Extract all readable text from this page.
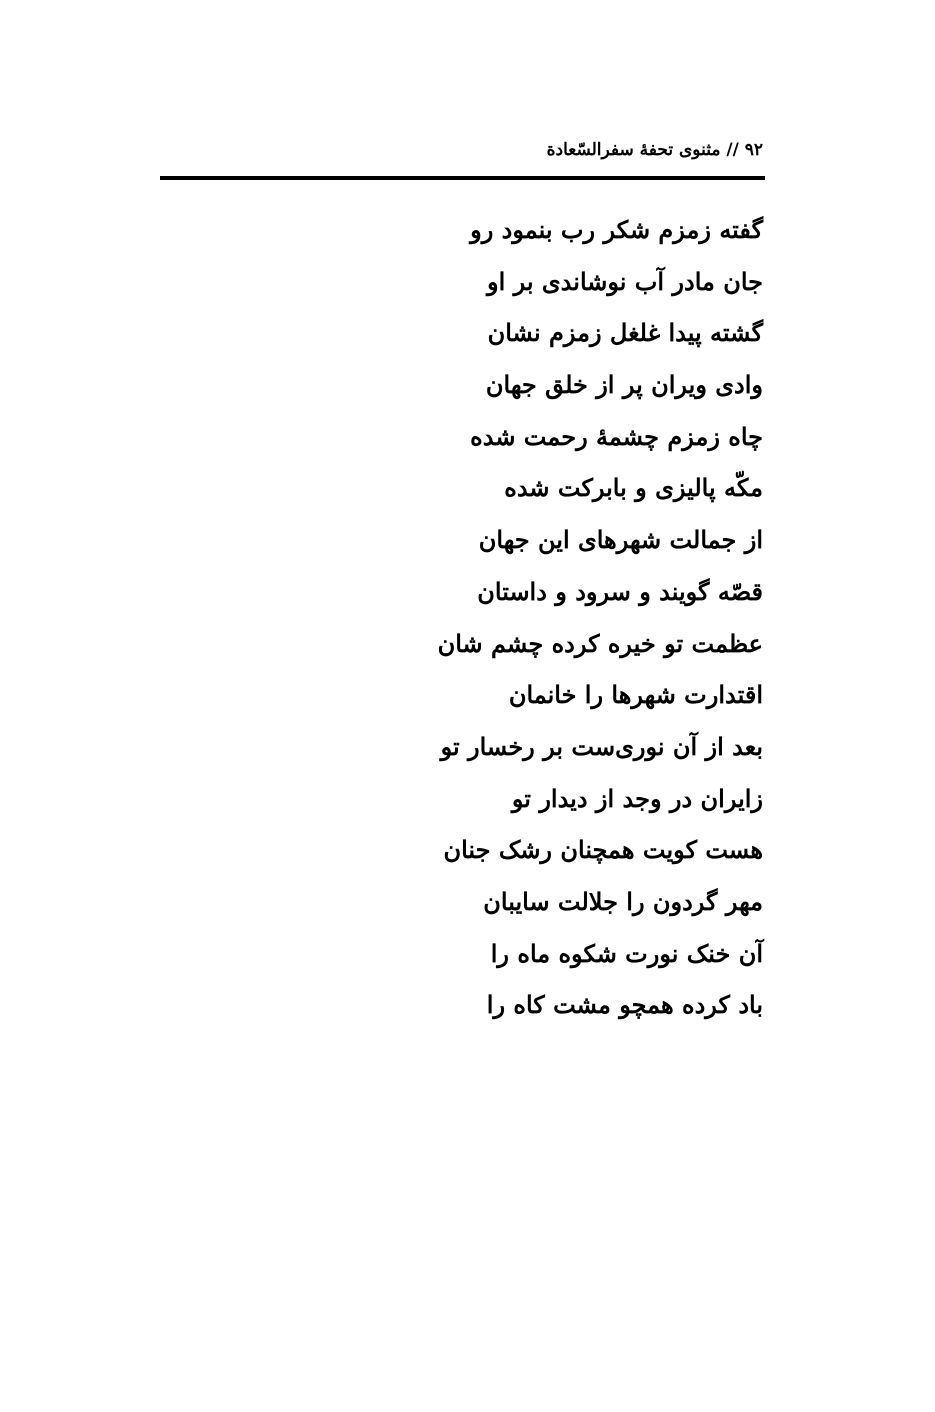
۹۲ // مثنوی تحفهٔ سفرالسّعادة
گفته زمزم شکر رب بنمود رو
جان مادر آب نوشاندی بر او
گشته پیدا غلغل زمزم نشان
وادی ویران پر از خلق جهان
چاه زمزم چشمهٔ رحمت شده
مکّه پالیزی و بابرکت شده
از جمالت شهرهای این جهان
قصّه گویند و سرود و داستان
عظمت تو خیره کرده چشم شان
اقتدارت شهرها را خانمان
بعد از آن نوری‌ست بر رخسار تو
زایران در وجد از دیدار تو
هست کویت همچنان رشک جنان
مهر گردون را جلالت سایبان
آن خنک نورت شکوه ماه را
باد کرده همچو مشت کاه را
